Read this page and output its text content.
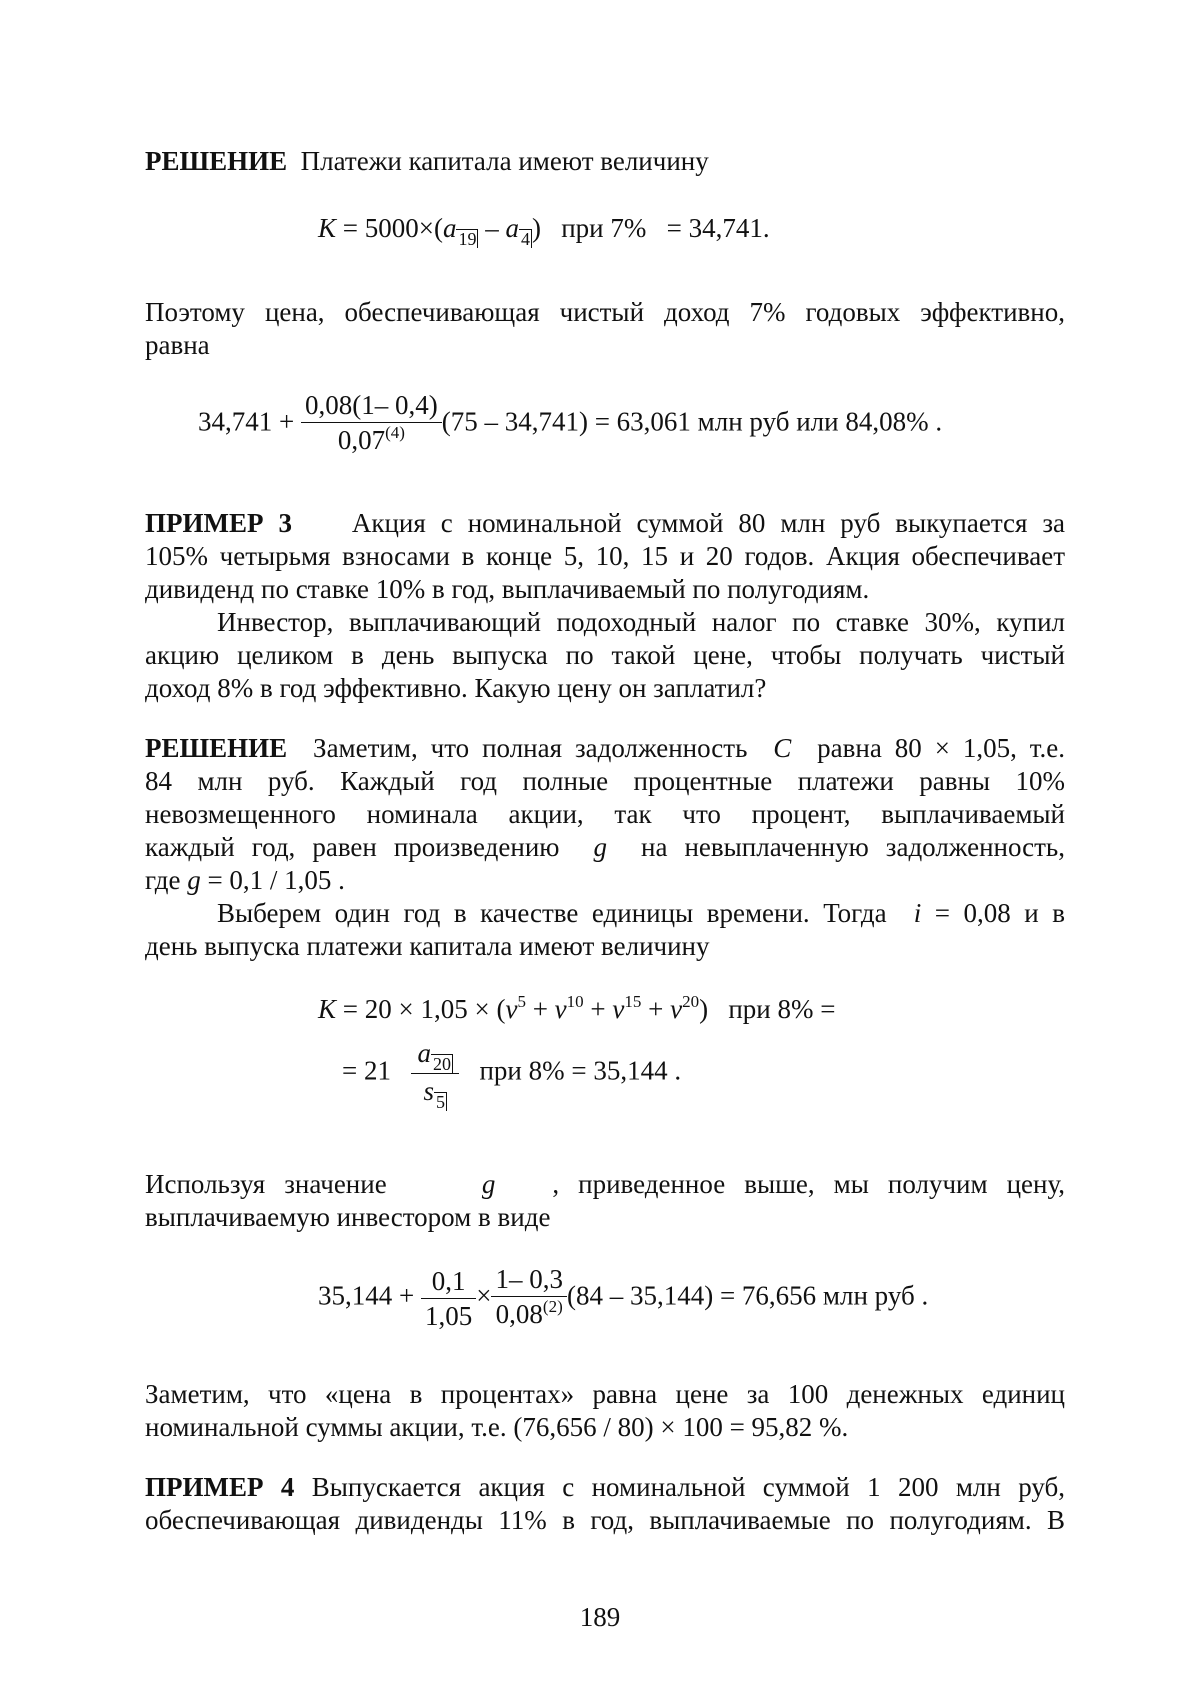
РЕШЕНИЕ Платежи капитала имеют величину
K = 5000×(a $_{19}$ – a $_4$) при 7% = 34,741.
Поэтому цена, обеспечивающая чистый доход 7% годовых эффективно,
равна
$34,741 + \frac{0,08(1- 0,4)}{0,07^{(4)}} (75 - 34,741) = 63,061$ млн руб или 84,08% .
ПРИМЕР 3 Акция с номинальной суммой 80 млн руб выкупается за
105% четырьмя взносами в конце 5, 10, 15 и 20 годов. Акция обеспечивает
дивиденд по ставке 10% в год, выплачиваемый по полугодиям.
Инвестор, выплачивающий подоходный налог по ставке 30%, купил
акцию целиком в день выпуска по такой цене, чтобы получать чистый
доход 8% в год эффективно. Какую цену он заплатил?
РЕШЕНИЕ Заметим, что полная задолженность C равна 80 × 1,05, т.е.
84 млн руб. Каждый год полные процентные платежи равны 10%
невозмещенного номинала акции, так что процент, выплачиваемый
каждый год, равен произведению g на невыплаченную задолженность,
где g = 0,1 / 1,05 .
Выберем один год в качестве единицы времени. Тогда i = 0,08 и в
день выпуска платежи капитала имеют величину
$K = 20 \times 1,05 \times (v^5 + v^{10} + v^{15} + v^{20})$ при 8% =
= $21 \frac{a _{20}}{s _5}$ при 8% = 35,144 .
Используя значение	g , приведенное выше, мы получим цену,
выплачиваемую инвестором в виде
$35,144 + \frac{0,1}{1,05} \times \frac{1- 0,3}{0,08^{(2)}} (84 - 35,144) = 76,656$ млн руб .
Заметим, что «цена в процентах» равна цене за 100 денежных единиц
номинальной суммы акции, т.е. (76,656 / 80) × 100 = 95,82 %.
ПРИМЕР 4 Выпускается акция с номинальной суммой 1 200 млн руб,
обеспечивающая дивиденды 11% в год, выплачиваемые по полугодиям. В
189
